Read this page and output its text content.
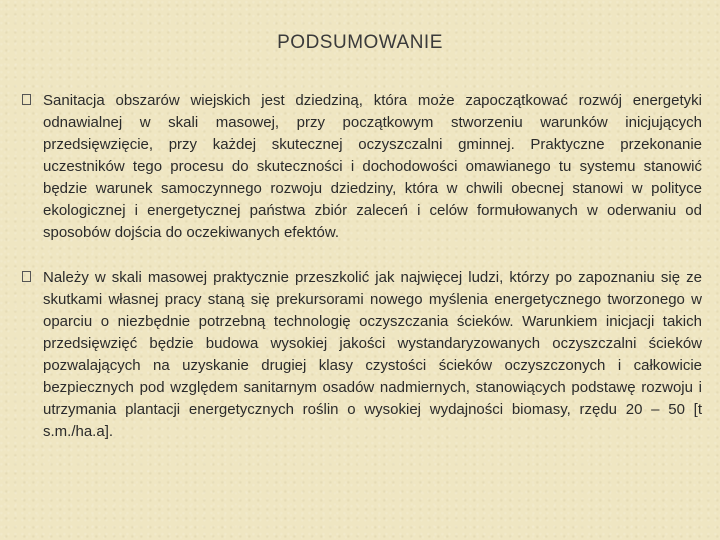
PODSUMOWANIE
Sanitacja obszarów wiejskich jest dziedziną, która może zapoczątkować rozwój energetyki odnawialnej w skali masowej, przy początkowym stworzeniu warunków inicjujących przedsięwzięcie, przy każdej skutecznej oczyszczalni gminnej. Praktyczne przekonanie uczestników tego procesu do skuteczności i dochodowości omawianego tu systemu stanowić będzie warunek samoczynnego rozwoju dziedziny, która w chwili obecnej stanowi w polityce ekologicznej i energetycznej państwa zbiór zaleceń i celów formułowanych w oderwaniu od sposobów dojścia do oczekiwanych efektów.
Należy w skali masowej praktycznie przeszkolić jak najwięcej ludzi, którzy po zapoznaniu się ze skutkami własnej pracy staną się prekursorami nowego myślenia energetycznego tworzonego w oparciu o niezbędnie potrzebną technologię oczyszczania ścieków. Warunkiem inicjacji takich przedsięwzięć będzie budowa wysokiej jakości wystandaryzowanych oczyszczalni ścieków pozwalających na uzyskanie drugiej klasy czystości ścieków oczyszczonych i całkowicie bezpiecznych pod względem sanitarnym osadów nadmiernych, stanowiących podstawę rozwoju i utrzymania plantacji energetycznych roślin o wysokiej wydajności biomasy, rzędu 20 – 50 [t s.m./ha.a].
